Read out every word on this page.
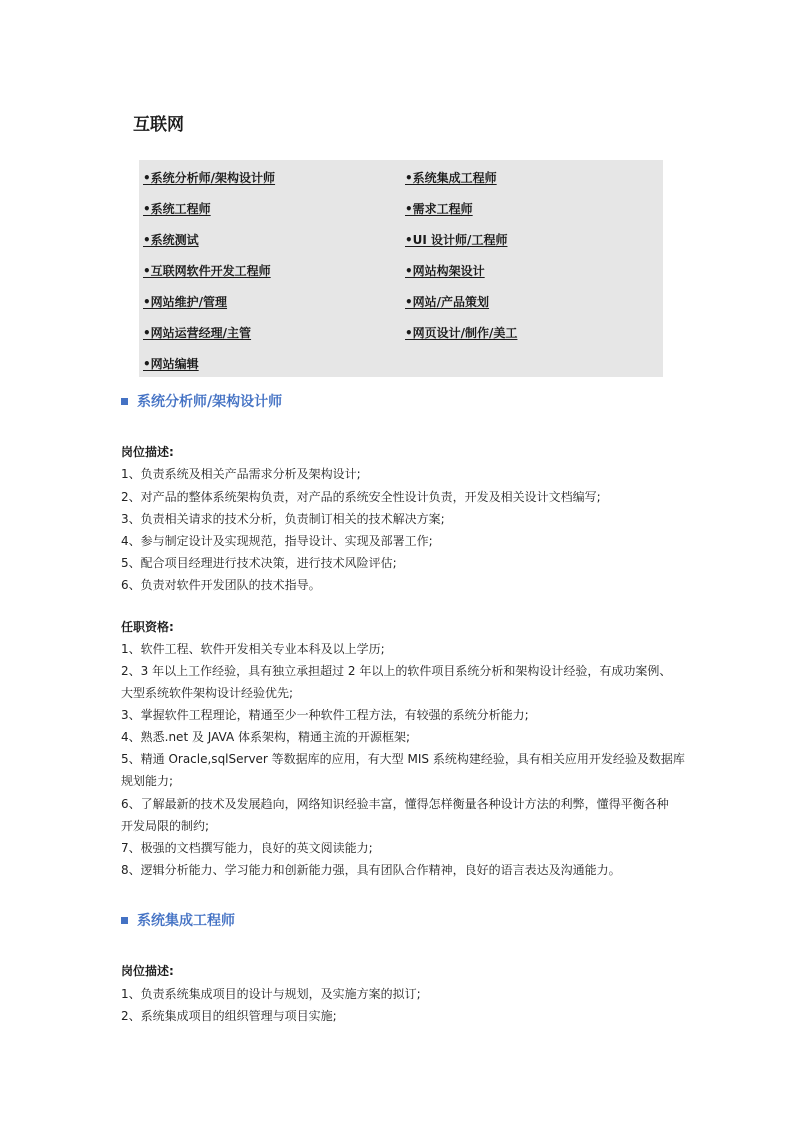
互联网
•系统分析师/架构设计师	•系统集成工程师
•系统工程师	•需求工程师
•系统测试	•UI 设计师/工程师
•互联网软件开发工程师	•网站构架设计
•网站维护/管理	•网站/产品策划
•网站运营经理/主管	•网页设计/制作/美工
•网站编辑
系统分析师/架构设计师
岗位描述:
1、负责系统及相关产品需求分析及架构设计;
2、对产品的整体系统架构负责，对产品的系统安全性设计负责，开发及相关设计文档编写;
3、负责相关请求的技术分析，负责制订相关的技术解决方案;
4、参与制定设计及实现规范，指导设计、实现及部署工作;
5、配合项目经理进行技术决策，进行技术风险评估;
6、负责对软件开发团队的技术指导。
任职资格:
1、软件工程、软件开发相关专业本科及以上学历;
2、3 年以上工作经验，具有独立承担超过 2 年以上的软件项目系统分析和架构设计经验，有成功案例、
大型系统软件架构设计经验优先;
3、掌握软件工程理论，精通至少一种软件工程方法，有较强的系统分析能力;
4、熟悉.net 及 JAVA 体系架构，精通主流的开源框架;
5、精通 Oracle,sqlServer 等数据库的应用，有大型 MIS 系统构建经验，具有相关应用开发经验及数据库
规划能力;
6、了解最新的技术及发展趋向，网络知识经验丰富，懂得怎样衡量各种设计方法的利弊，懂得平衡各种
开发局限的制约;
7、极强的文档撰写能力，良好的英文阅读能力;
8、逻辑分析能力、学习能力和创新能力强，具有团队合作精神，良好的语言表达及沟通能力。
系统集成工程师
岗位描述:
1、负责系统集成项目的设计与规划，及实施方案的拟订;
2、系统集成项目的组织管理与项目实施;
